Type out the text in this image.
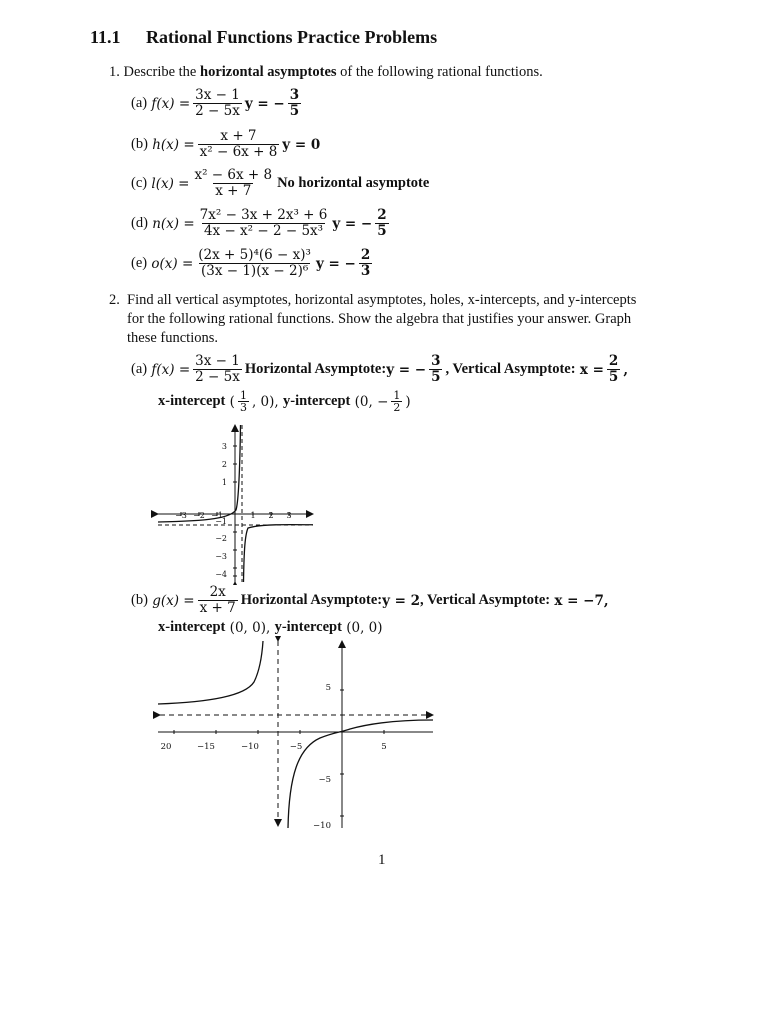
11.1 Rational Functions Practice Problems
1. Describe the horizontal asymptotes of the following rational functions.
(a)
$f(x) = \frac{3x - 1}{2 - 5x}$ y = − $\frac{3}{5}$
(b)
$h(x) = \frac{x + 7}{\text{x² − 6x + 8}}$ y = 0
(c)
$l(x) = \frac{\text{x² − 6x + 8}}{x + 7}$ No horizontal asymptote
(d)
$n(x) = \frac{\text{7x² − 3x + 2x³ + 6}}{\text{4x − x² − 2 − 5x³}}$ y = − $\frac{2}{5}$
(e)
$o(x) = \frac{\text{(2x + 5)⁴(6 − x)³}}{\text{(3x − 1)(x − 2)⁶}}$ y = − $\frac{2}{3}$
2. Find all vertical asymptotes, horizontal asymptotes, holes, x-intercepts, and y-intercepts
for the following rational functions. Show the algebra that justifies your answer. Graph
these functions.
(a)
$f(x) = \frac{3x - 1}{2 - 5x}$ Horizontal Asymptote: y = − $\frac{3}{5}$ , Vertical Asymptote:
$x = \frac{2}{5}$ ,
x-intercept
( $\frac{1}{3}$ , 0),
y-intercept
(0, − $\frac{1}{2}$ )
−3 −2 −1	1 2 3
3
2
1
−1
−2
−3
−4
(b)
$g(x) = \frac{2x}{x + 7}$ Horizontal Asymptote: y = 2 , Vertical Asymptote:
x = −7,
x-intercept
(0, 0),
y-intercept
(0, 0)
20	−15	−10	−5	5
5
−5
−10
1
